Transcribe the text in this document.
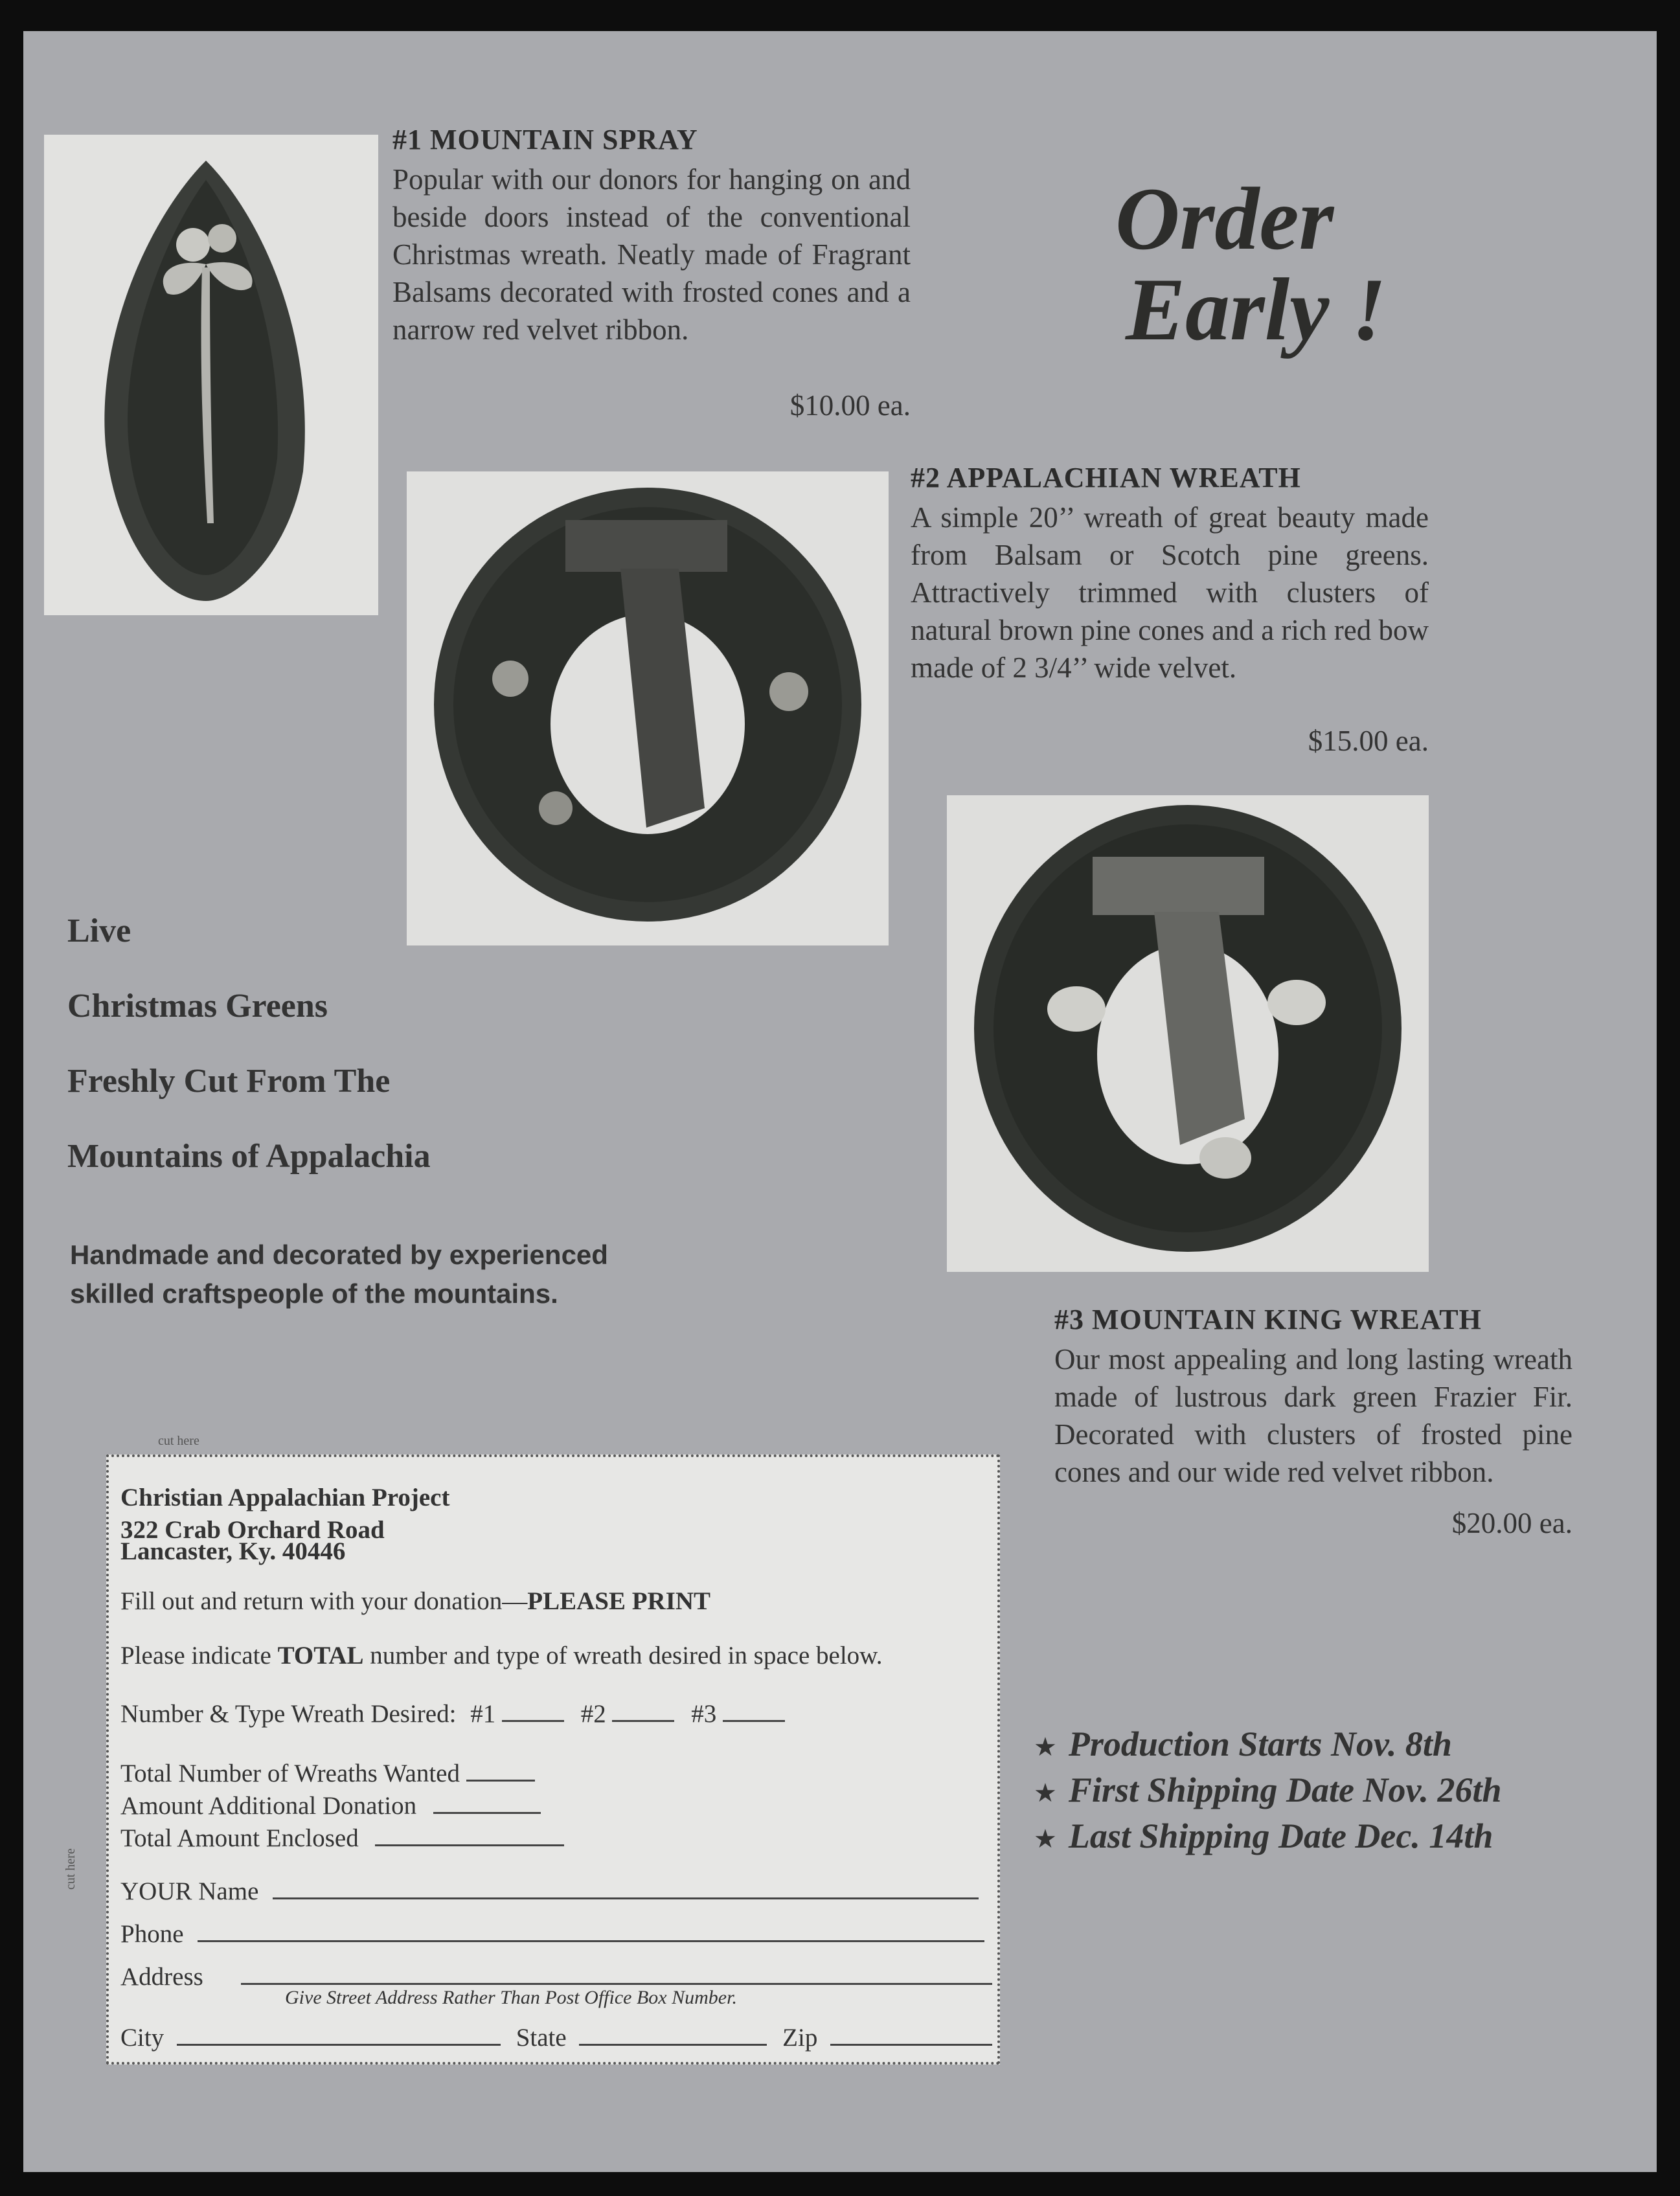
#1 MOUNTAIN SPRAY
Popular with our donors for hanging on and beside doors instead of the conventional Christmas wreath. Neatly made of Fragrant Balsams decorated with frosted cones and a narrow red velvet ribbon.
$10.00 ea.
Order
Early !
#2 APPALACHIAN WREATH
A simple 20’’ wreath of great beauty made from Balsam or Scotch pine greens. Attractively trimmed with clusters of natural brown pine cones and a rich red bow made of 2 3/4’’ wide velvet.
$15.00 ea.
Live
Christmas Greens
Freshly Cut From The
Mountains of Appalachia
Handmade and decorated by experienced
skilled craftspeople of the mountains.
#3 MOUNTAIN KING WREATH
Our most appealing and long lasting wreath made of lustrous dark green Frazier Fir. Decorated with clusters of frosted pine cones and our wide red velvet ribbon.
$20.00 ea.
★ Production Starts Nov. 8th
★ First Shipping Date Nov. 26th
★ Last Shipping Date Dec. 14th
cut here
cut here
Christian Appalachian Project
322 Crab Orchard Road
Lancaster, Ky. 40446
Fill out and return with your donation—PLEASE PRINT
Please indicate TOTAL number and type of wreath desired in space below.
Number & Type Wreath Desired: #1	#2	#3
Total Number of Wreaths Wanted
Amount Additional Donation
Total Amount Enclosed
YOUR Name
Phone
Address
Give Street Address Rather Than Post Office Box Number.
City	State	Zip
